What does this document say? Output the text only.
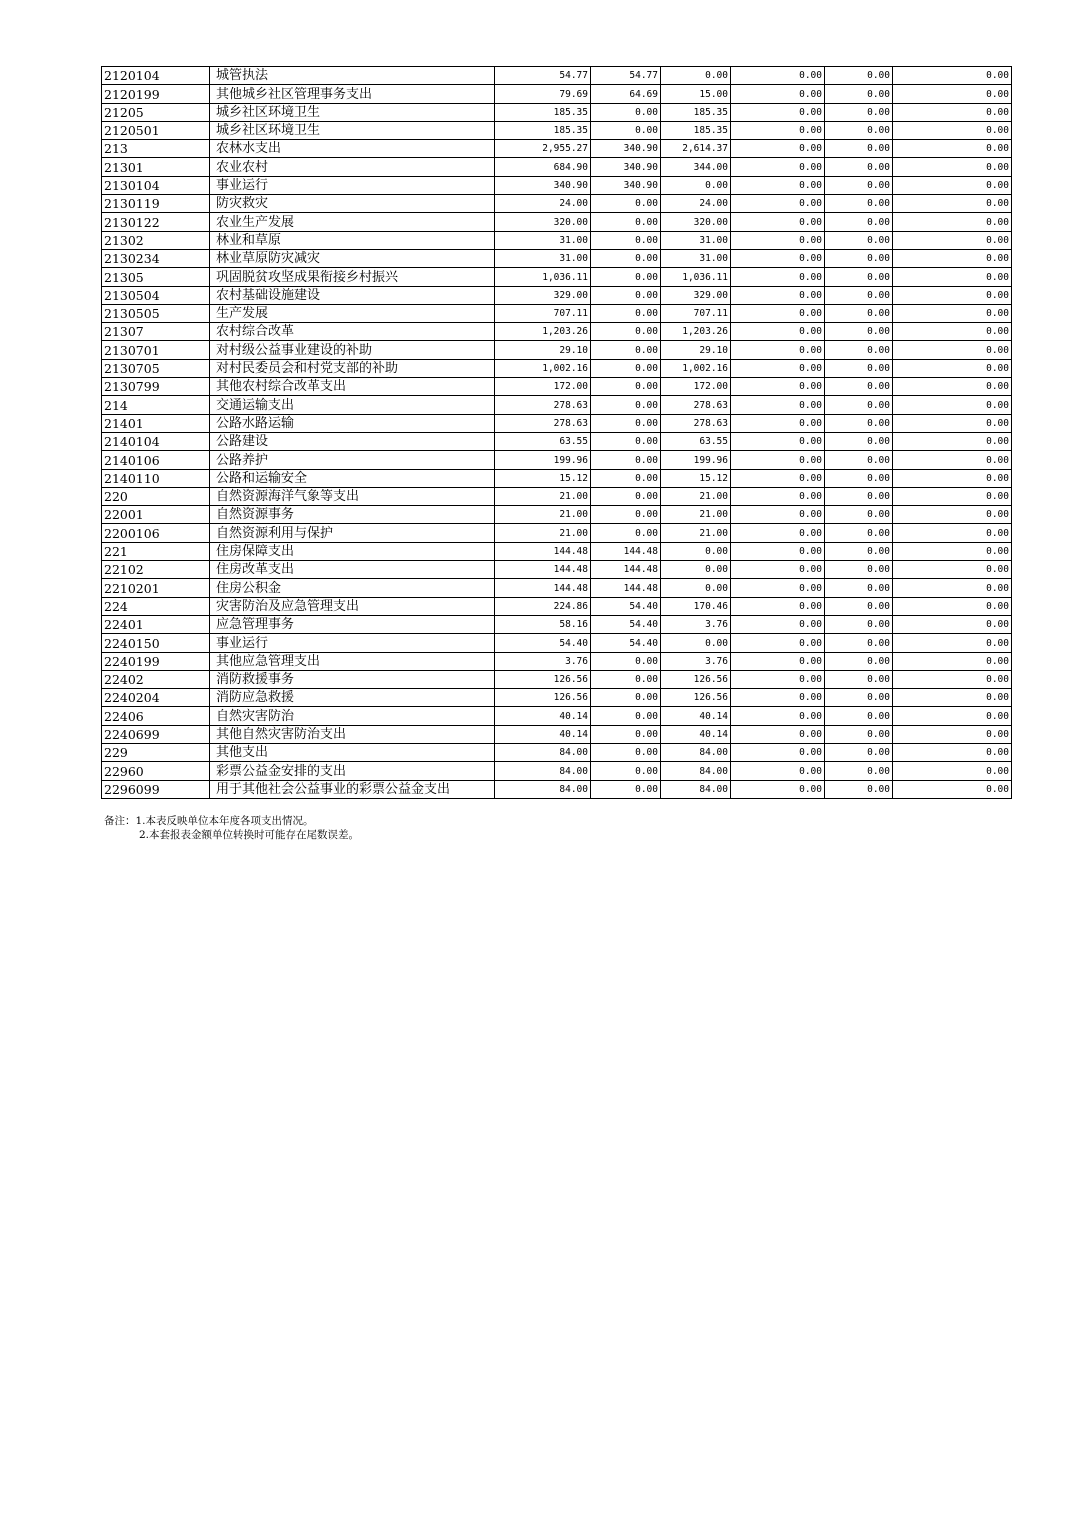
2120104	城管执法	54.77	54.77	0.00	0.00	0.00	0.00
2120199	其他城乡社区管理事务支出	79.69	64.69	15.00	0.00	0.00	0.00
21205	城乡社区环境卫生	185.35	0.00	185.35	0.00	0.00	0.00
2120501	城乡社区环境卫生	185.35	0.00	185.35	0.00	0.00	0.00
213	农林水支出	2,955.27	340.90	2,614.37	0.00	0.00	0.00
21301	农业农村	684.90	340.90	344.00	0.00	0.00	0.00
2130104	事业运行	340.90	340.90	0.00	0.00	0.00	0.00
2130119	防灾救灾	24.00	0.00	24.00	0.00	0.00	0.00
2130122	农业生产发展	320.00	0.00	320.00	0.00	0.00	0.00
21302	林业和草原	31.00	0.00	31.00	0.00	0.00	0.00
2130234	林业草原防灾减灾	31.00	0.00	31.00	0.00	0.00	0.00
21305	巩固脱贫攻坚成果衔接乡村振兴	1,036.11	0.00	1,036.11	0.00	0.00	0.00
2130504	农村基础设施建设	329.00	0.00	329.00	0.00	0.00	0.00
2130505	生产发展	707.11	0.00	707.11	0.00	0.00	0.00
21307	农村综合改革	1,203.26	0.00	1,203.26	0.00	0.00	0.00
2130701	对村级公益事业建设的补助	29.10	0.00	29.10	0.00	0.00	0.00
2130705	对村民委员会和村党支部的补助	1,002.16	0.00	1,002.16	0.00	0.00	0.00
2130799	其他农村综合改革支出	172.00	0.00	172.00	0.00	0.00	0.00
214	交通运输支出	278.63	0.00	278.63	0.00	0.00	0.00
21401	公路水路运输	278.63	0.00	278.63	0.00	0.00	0.00
2140104	公路建设	63.55	0.00	63.55	0.00	0.00	0.00
2140106	公路养护	199.96	0.00	199.96	0.00	0.00	0.00
2140110	公路和运输安全	15.12	0.00	15.12	0.00	0.00	0.00
220	自然资源海洋气象等支出	21.00	0.00	21.00	0.00	0.00	0.00
22001	自然资源事务	21.00	0.00	21.00	0.00	0.00	0.00
2200106	自然资源利用与保护	21.00	0.00	21.00	0.00	0.00	0.00
221	住房保障支出	144.48	144.48	0.00	0.00	0.00	0.00
22102	住房改革支出	144.48	144.48	0.00	0.00	0.00	0.00
2210201	住房公积金	144.48	144.48	0.00	0.00	0.00	0.00
224	灾害防治及应急管理支出	224.86	54.40	170.46	0.00	0.00	0.00
22401	应急管理事务	58.16	54.40	3.76	0.00	0.00	0.00
2240150	事业运行	54.40	54.40	0.00	0.00	0.00	0.00
2240199	其他应急管理支出	3.76	0.00	3.76	0.00	0.00	0.00
22402	消防救援事务	126.56	0.00	126.56	0.00	0.00	0.00
2240204	消防应急救援	126.56	0.00	126.56	0.00	0.00	0.00
22406	自然灾害防治	40.14	0.00	40.14	0.00	0.00	0.00
2240699	其他自然灾害防治支出	40.14	0.00	40.14	0.00	0.00	0.00
229	其他支出	84.00	0.00	84.00	0.00	0.00	0.00
22960	彩票公益金安排的支出	84.00	0.00	84.00	0.00	0.00	0.00
2296099	用于其他社会公益事业的彩票公益金支出	84.00	0.00	84.00	0.00	0.00	0.00
备注：1.本表反映单位本年度各项支出情况。
2.本套报表金额单位转换时可能存在尾数误差。
